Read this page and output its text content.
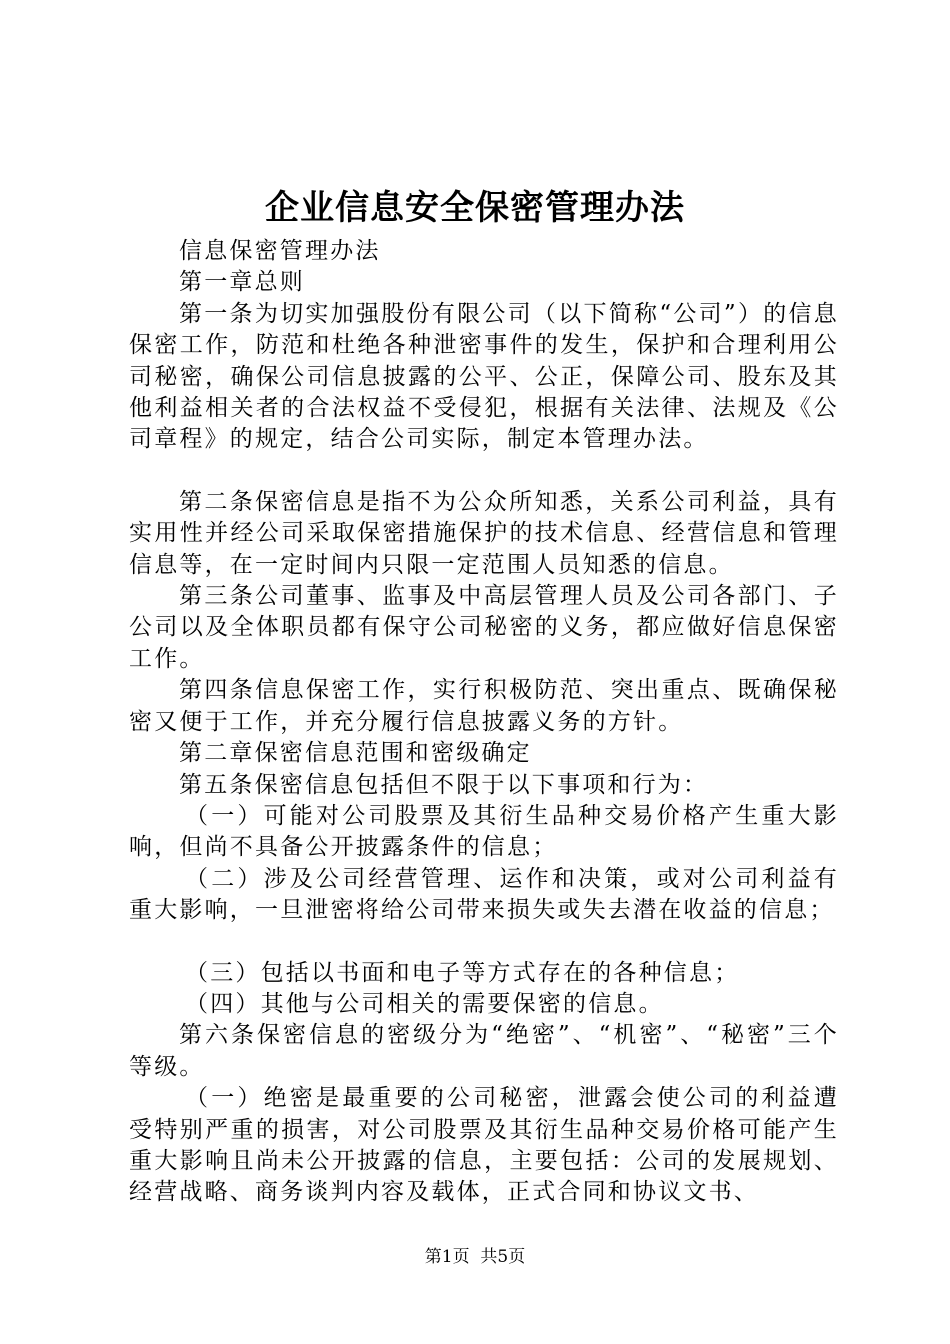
企业信息安全保密管理办法

信息保密管理办法

第一章总则

第一条为切实加强股份有限公司（以下简称“公司”）的信息保密工作，防范和杜绝各种泄密事件的发生，保护和合理利用公司秘密，确保公司信息披露的公平、公正，保障公司、股东及其他利益相关者的合法权益不受侵犯，根据有关法律、法规及《公司章程》的规定，结合公司实际，制定本管理办法。

第二条保密信息是指不为公众所知悉，关系公司利益，具有实用性并经公司采取保密措施保护的技术信息、经营信息和管理信息等，在一定时间内只限一定范围人员知悉的信息。

第三条公司董事、监事及中高层管理人员及公司各部门、子公司以及全体职员都有保守公司秘密的义务，都应做好信息保密工作。

第四条信息保密工作，实行积极防范、突出重点、既确保秘密又便于工作，并充分履行信息披露义务的方针。

第二章保密信息范围和密级确定

第五条保密信息包括但不限于以下事项和行为：

（一）可能对公司股票及其衍生品种交易价格产生重大影响，但尚不具备公开披露条件的信息；

（二）涉及公司经营管理、运作和决策，或对公司利益有重大影响，一旦泄密将给公司带来损失或失去潜在收益的信息；

（三）包括以书面和电子等方式存在的各种信息；

（四）其他与公司相关的需要保密的信息。

第六条保密信息的密级分为“绝密”、“机密”、“秘密”三个等级。

（一）绝密是最重要的公司秘密，泄露会使公司的利益遭受特别严重的损害，对公司股票及其衍生品种交易价格可能产生重大影响且尚未公开披露的信息，主要包括：公司的发展规划、经营战略、商务谈判内容及载体，正式合同和协议文书、

第1页  共5页
